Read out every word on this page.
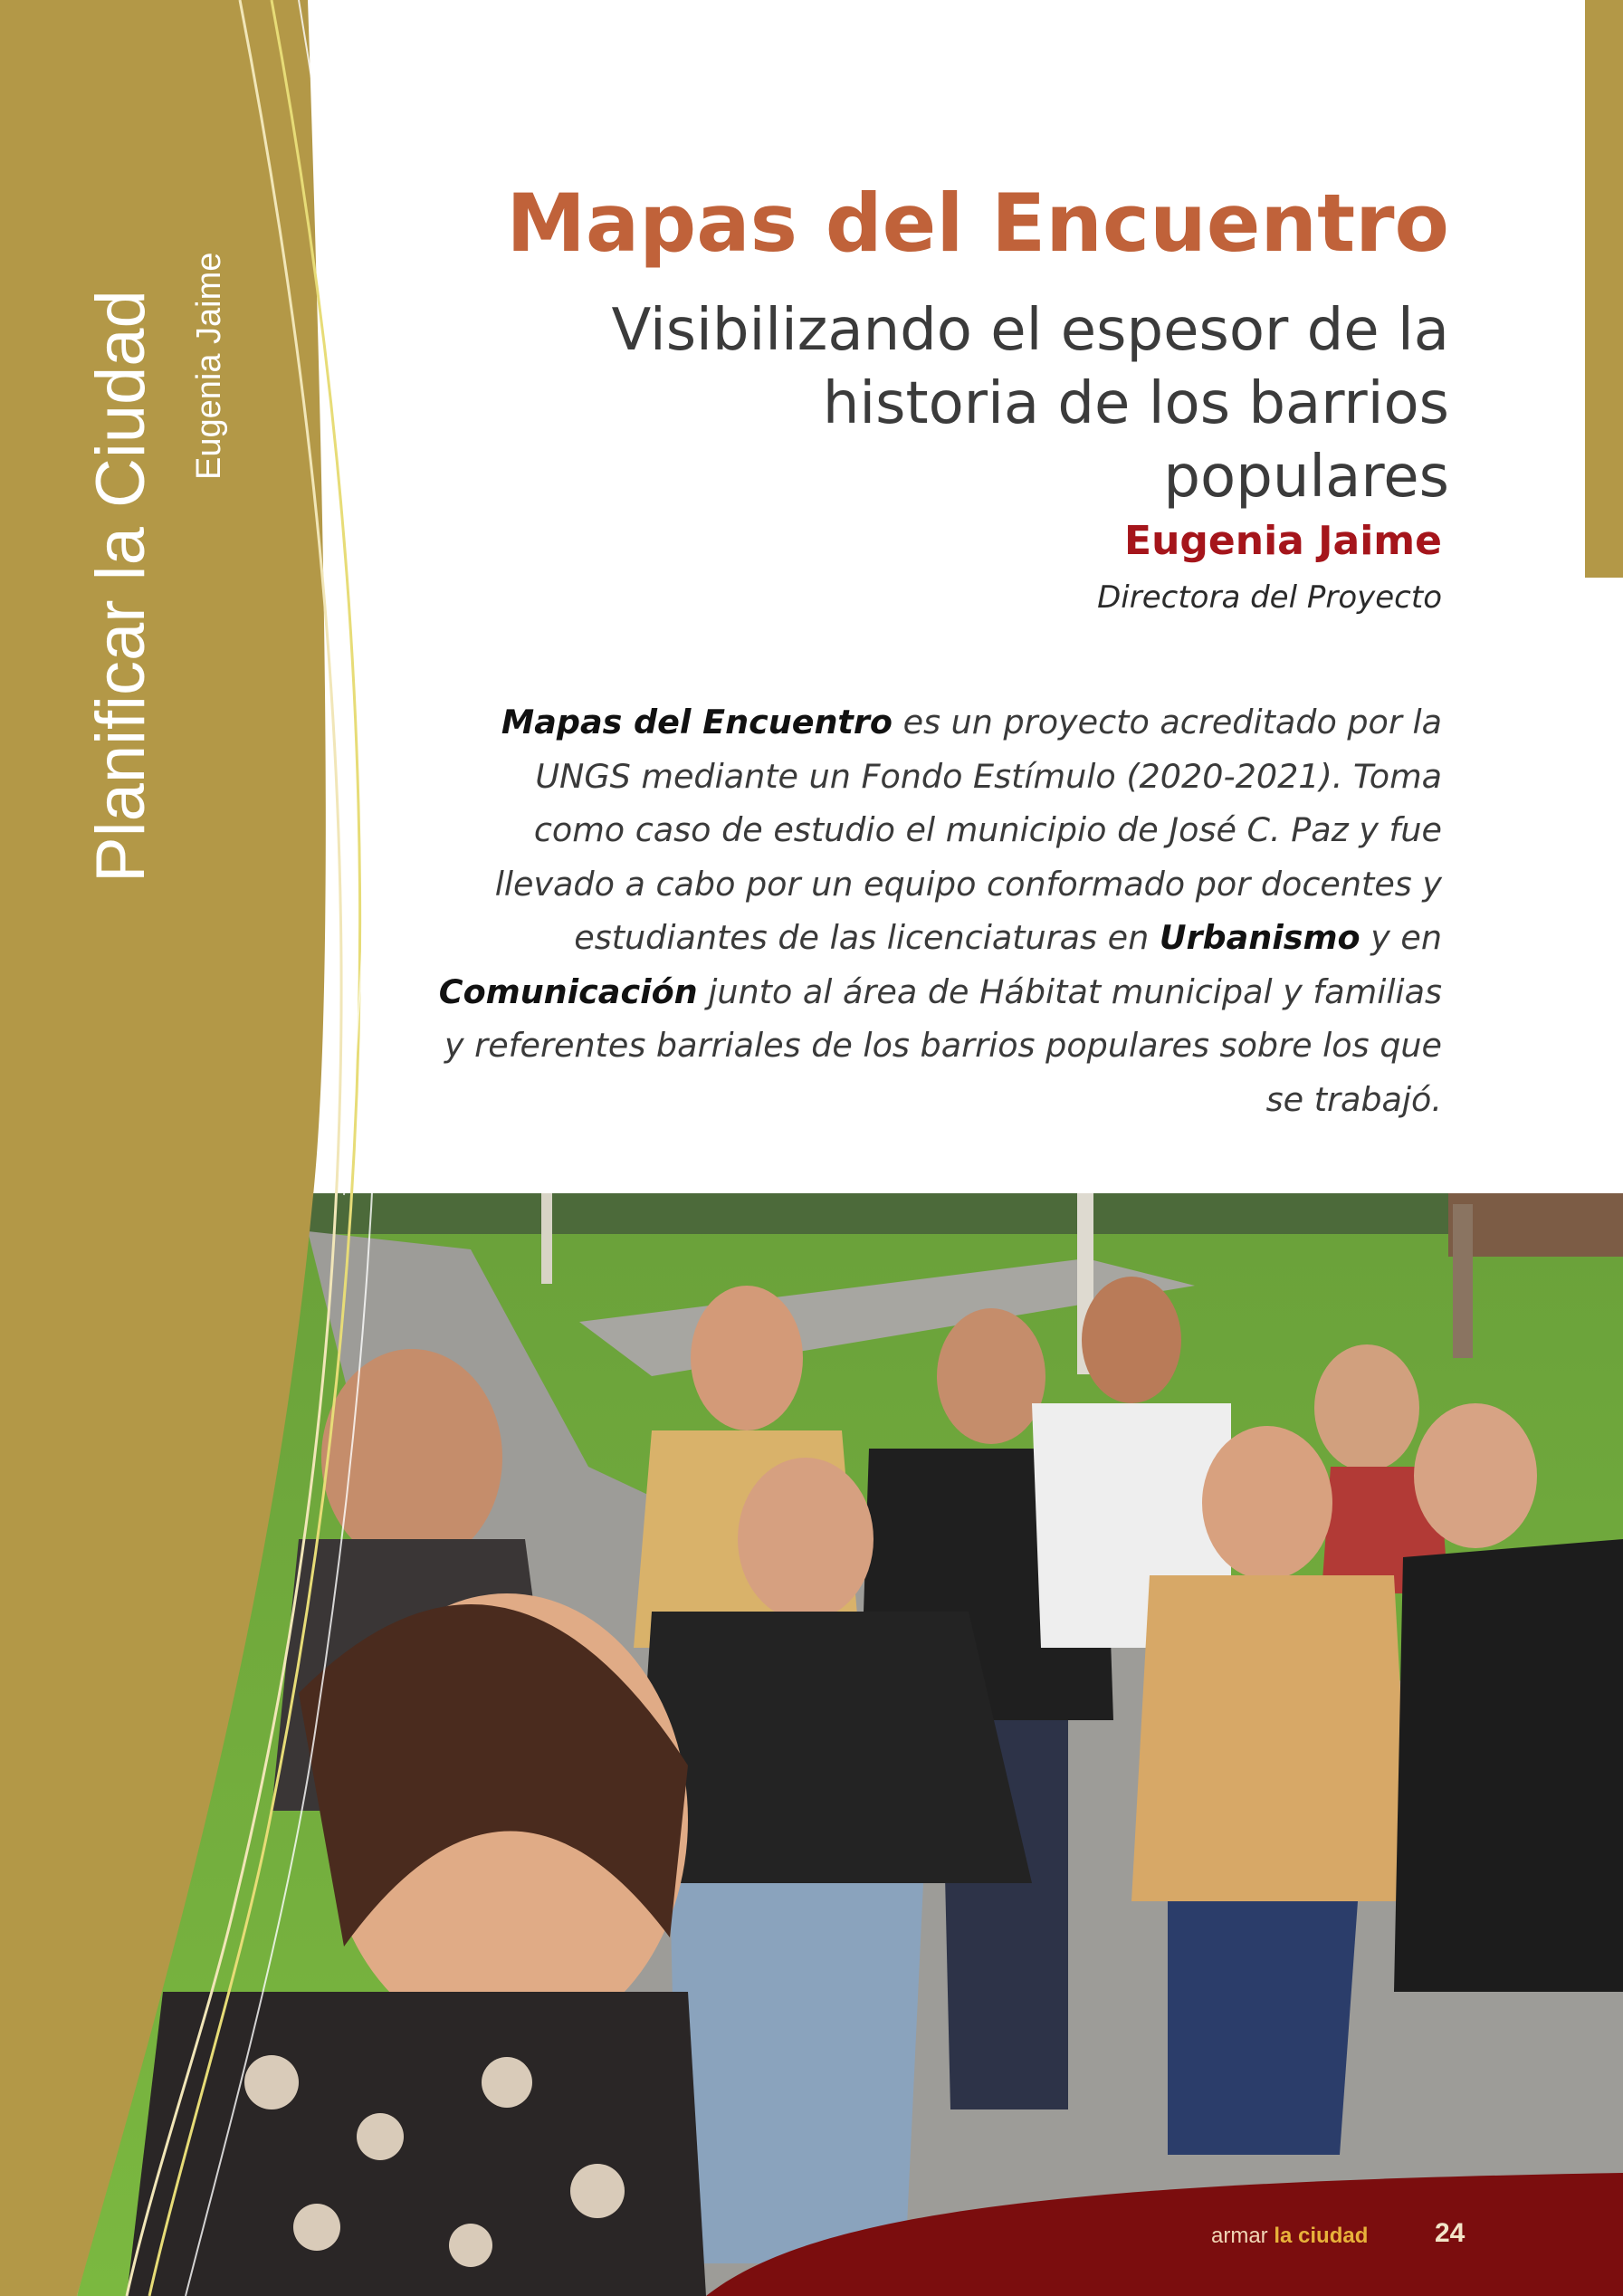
Planificar la Ciudad Eugenia Jaime
Mapas del Encuentro
Visibilizando el espesor de la historia de los barrios populares
Eugenia Jaime
Directora del Proyecto
Mapas del Encuentro es un proyecto acreditado por la UNGS mediante un Fondo Estímulo (2020-2021). Toma como caso de estudio el municipio de José C. Paz y fue llevado a cabo por un equipo conformado por docentes y estudiantes de las licenciaturas en Urbanismo y en Comunicación junto al área de Hábitat municipal y familias y referentes barriales de los barrios populares sobre los que se trabajó.
armar la ciudad 24
